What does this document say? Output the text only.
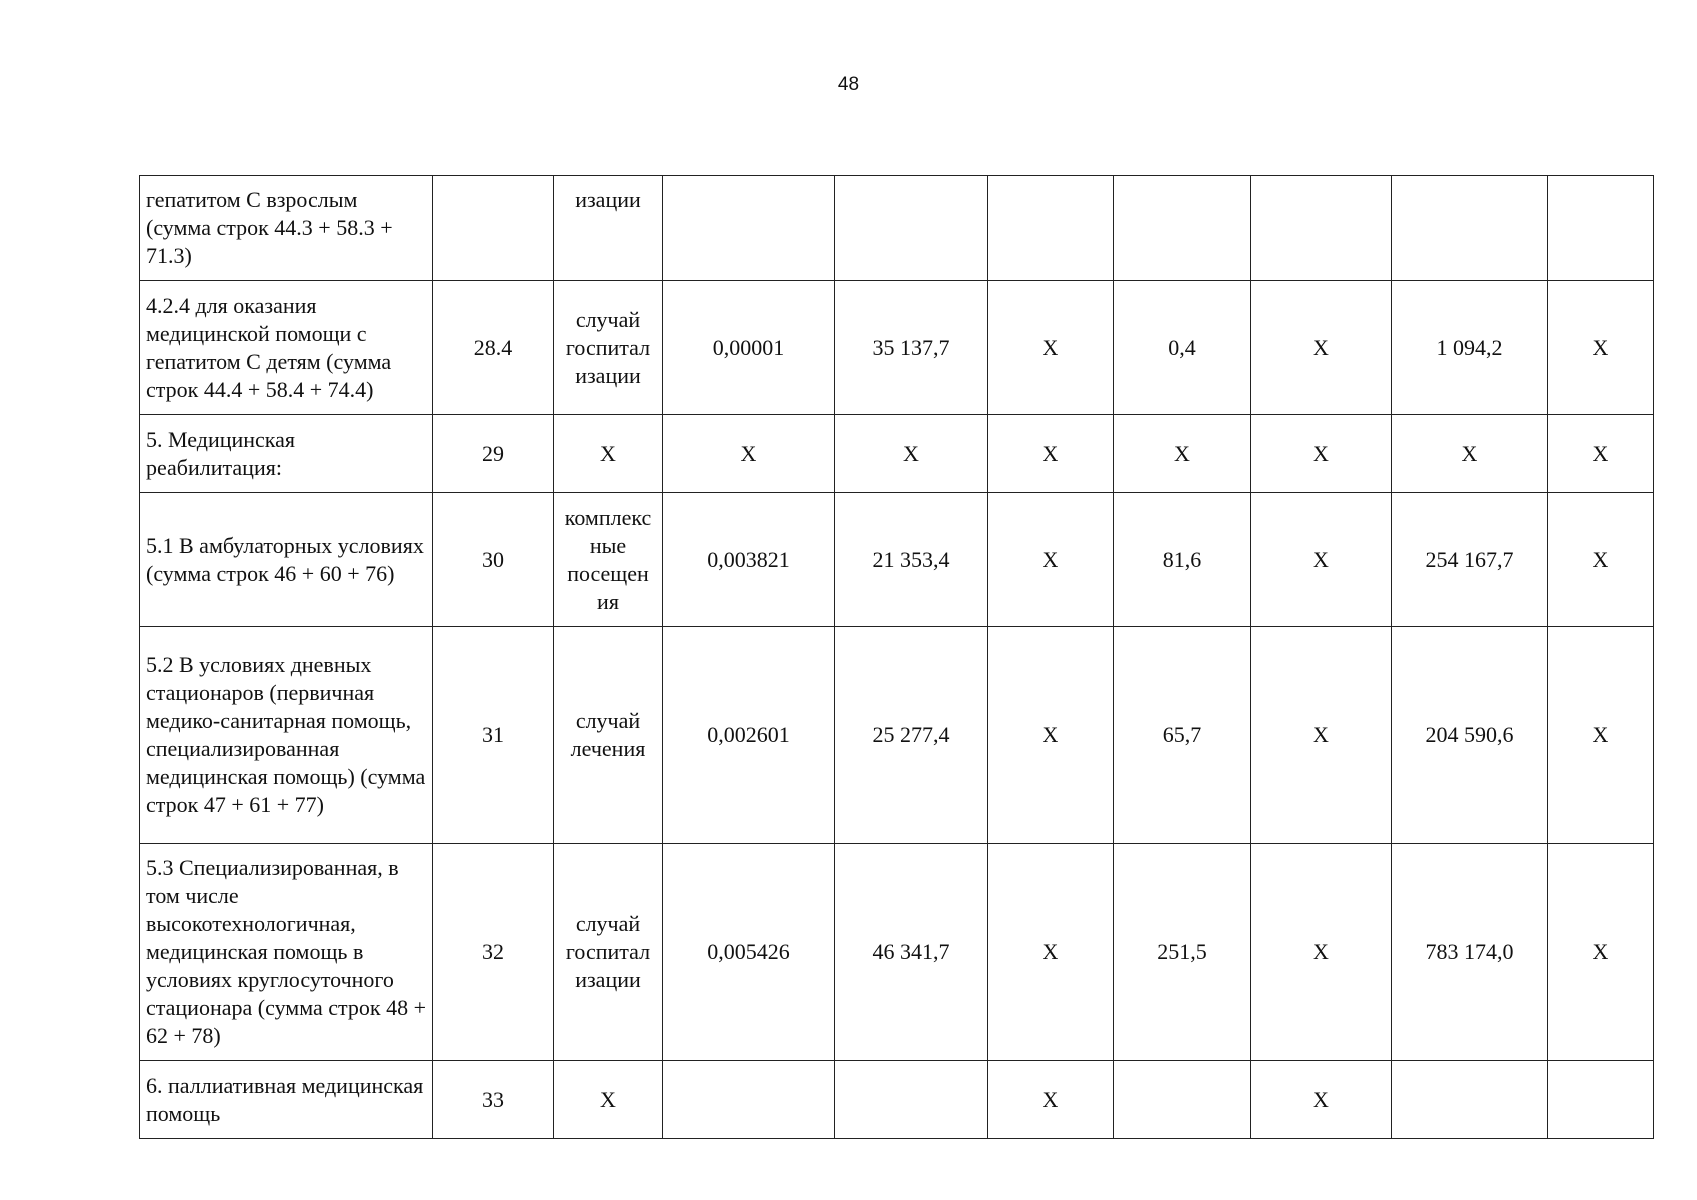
48
гепатитом С взрослым (сумма строк 44.3 + 58.3 + 71.3)		изации							
4.2.4 для оказания медицинской помощи с гепатитом С детям (сумма строк 44.4 + 58.4 + 74.4)	28.4	случай госпитал изации	0,00001	35 137,7	Х	0,4	Х	1 094,2	Х
5. Медицинская реабилитация:	29	Х	Х	Х	Х	Х	Х	Х	Х
5.1 В амбулаторных условиях (сумма строк 46 + 60 + 76)	30	комплекс ные посещен ия	0,003821	21 353,4	Х	81,6	Х	254 167,7	Х
5.2 В условиях дневных стационаров (первичная медико-санитарная помощь, специализированная медицинская помощь) (сумма строк 47 + 61 + 77)	31	случай лечения	0,002601	25 277,4	Х	65,7	Х	204 590,6	Х
5.3 Специализированная, в том числе высокотехнологичная, медицинская помощь в условиях круглосуточного стационара (сумма строк 48 + 62 + 78)	32	случай госпитал изации	0,005426	46 341,7	Х	251,5	Х	783 174,0	Х
6. паллиативная медицинская помощь	33	Х			Х		Х		
